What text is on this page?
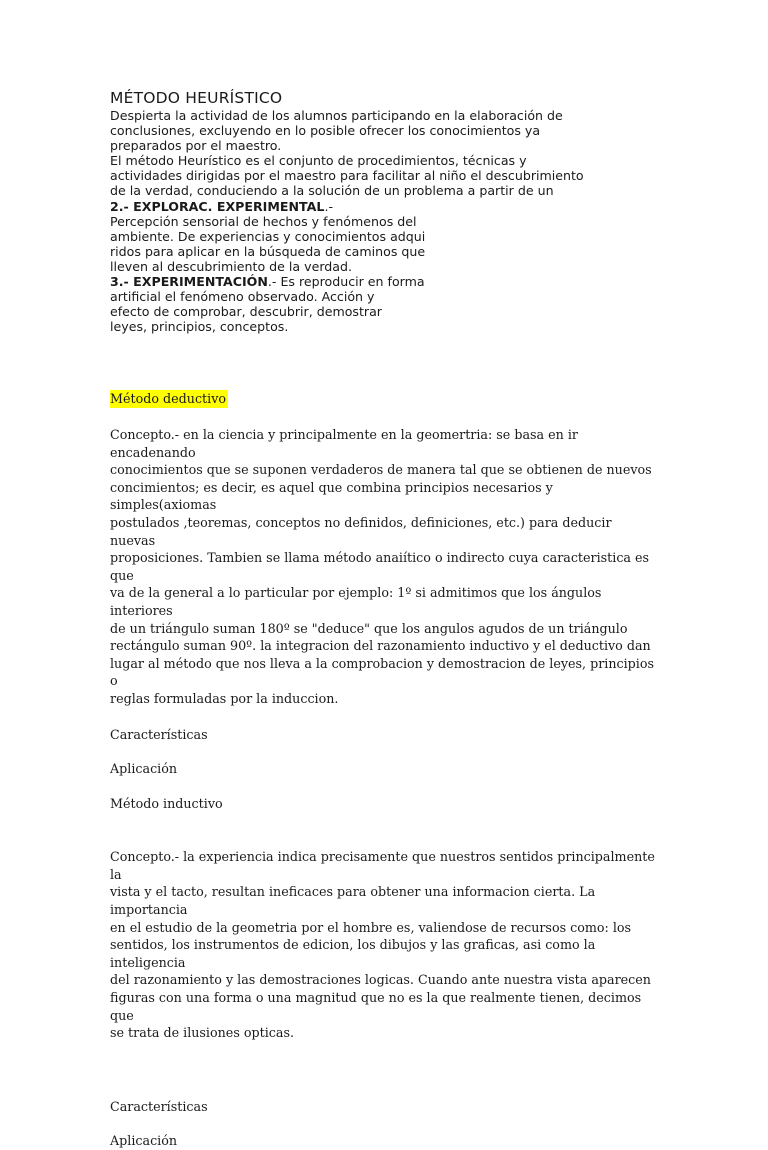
MÉTODO HEURÍSTICO

Despierta la actividad de los alumnos participando en la elaboración de

conclusiones, excluyendo en lo posible ofrecer los conocimientos ya

preparados por el maestro.

El método Heurístico es el conjunto de procedimientos, técnicas y

actividades dirigidas por el maestro para facilitar al niño el descubrimiento

de la verdad, conduciendo a la solución de un problema a partir de un

2.- EXPLORAC. EXPERIMENTAL.-

Percepción sensorial de hechos y fenómenos del

ambiente. De experiencias y conocimientos adqui

ridos para aplicar en la búsqueda de caminos que

lleven al descubrimiento de la verdad.

3.- EXPERIMENTACIÓN.- Es reproducir en forma

artificial el fenómeno observado. Acción y

efecto de comprobar, descubrir, demostrar

leyes, principios, conceptos.

Método deductivo

Concepto.- en la ciencia y principalmente en la geomertria: se basa en ir encadenando

conocimientos que se suponen verdaderos de manera tal que se obtienen de nuevos

concimientos; es decir, es aquel que combina principios necesarios y simples(axiomas

postulados ,teoremas, conceptos no definidos, definiciones, etc.) para deducir nuevas

proposiciones. Tambien se llama método anaiítico o indirecto cuya caracteristica es que

va de la general a lo particular por ejemplo: 1º si admitimos que los ángulos interiores

de un triángulo suman 180º se "deduce" que los angulos agudos de un triángulo

rectángulo suman 90º. la integracion del razonamiento inductivo y el deductivo dan

lugar al método que nos lleva a la comprobacion y demostracion de leyes, principios o

reglas formuladas por la induccion.

Características

Aplicación

Método inductivo

Concepto.- la experiencia indica precisamente que nuestros sentidos principalmente la

vista y el tacto, resultan ineficaces para obtener una informacion cierta. La importancia

en el estudio de la geometria por el hombre es, valiendose de recursos como: los

sentidos, los instrumentos de edicion, los dibujos y las graficas, asi como la inteligencia

del razonamiento y las demostraciones logicas. Cuando ante nuestra vista aparecen

figuras con una forma o una magnitud que no es la que realmente tienen, decimos que

se trata de ilusiones opticas.

Características

Aplicación
